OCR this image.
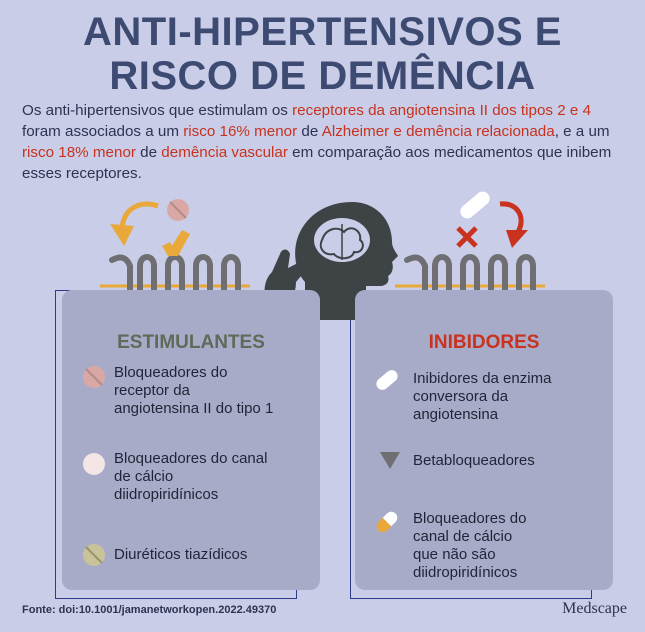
ANTI-HIPERTENSIVOS E
RISCO DE DEMÊNCIA
Os anti-hipertensivos que estimulam os receptores da angiotensina II dos tipos 2 e 4 foram associados a um risco 16% menor de Alzheimer e demência relacionada, e a um risco 18% menor de demência vascular em comparação aos medicamentos que inibem esses receptores.
ESTIMULANTES
Bloqueadores do
receptor da
angiotensina II do tipo 1
Bloqueadores do canal
de cálcio
diidropiridínicos
Diuréticos tiazídicos
INIBIDORES
Inibidores da enzima
conversora da
angiotensina
Betabloqueadores
Bloqueadores do
canal de cálcio
que não são
diidropiridínicos
Fonte: doi:10.1001/jamanetworkopen.2022.49370	Medscape
